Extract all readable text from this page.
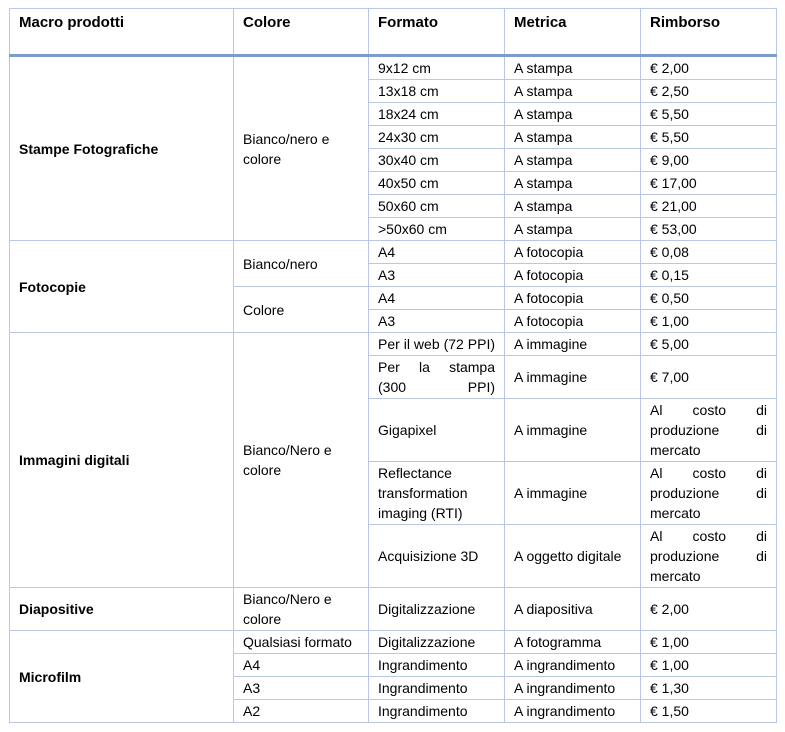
Macro prodotti	Colore	Formato	Metrica	Rimborso
Stampe Fotografiche	Bianco/nero e colore	9x12 cm	A stampa	€ 2,00
		13x18 cm	A stampa	€ 2,50
		18x24 cm	A stampa	€ 5,50
		24x30 cm	A stampa	€ 5,50
		30x40 cm	A stampa	€ 9,00
		40x50 cm	A stampa	€ 17,00
		50x60 cm	A stampa	€ 21,00
		>50x60 cm	A stampa	€ 53,00
Fotocopie	Bianco/nero	A4	A fotocopia	€ 0,08
		A3	A fotocopia	€ 0,15
	Colore	A4	A fotocopia	€ 0,50
		A3	A fotocopia	€ 1,00
Immagini digitali	Bianco/Nero e colore	Per il web (72 PPI)	A immagine	€ 5,00
		Per la stampa (300 PPI)	A immagine	€ 7,00
		Gigapixel	A immagine	Al costo di produzione di mercato
		Reflectance transformation imaging (RTI)	A immagine	Al costo di produzione di mercato
		Acquisizione 3D	A oggetto digitale	Al costo di produzione di mercato
Diapositive	Bianco/Nero e colore	Digitalizzazione	A diapositiva	€ 2,00
Microfilm	Qualsiasi formato	Digitalizzazione	A fotogramma	€ 1,00
	A4	Ingrandimento	A ingrandimento	€ 1,00
	A3	Ingrandimento	A ingrandimento	€ 1,30
	A2	Ingrandimento	A ingrandimento	€ 1,50
